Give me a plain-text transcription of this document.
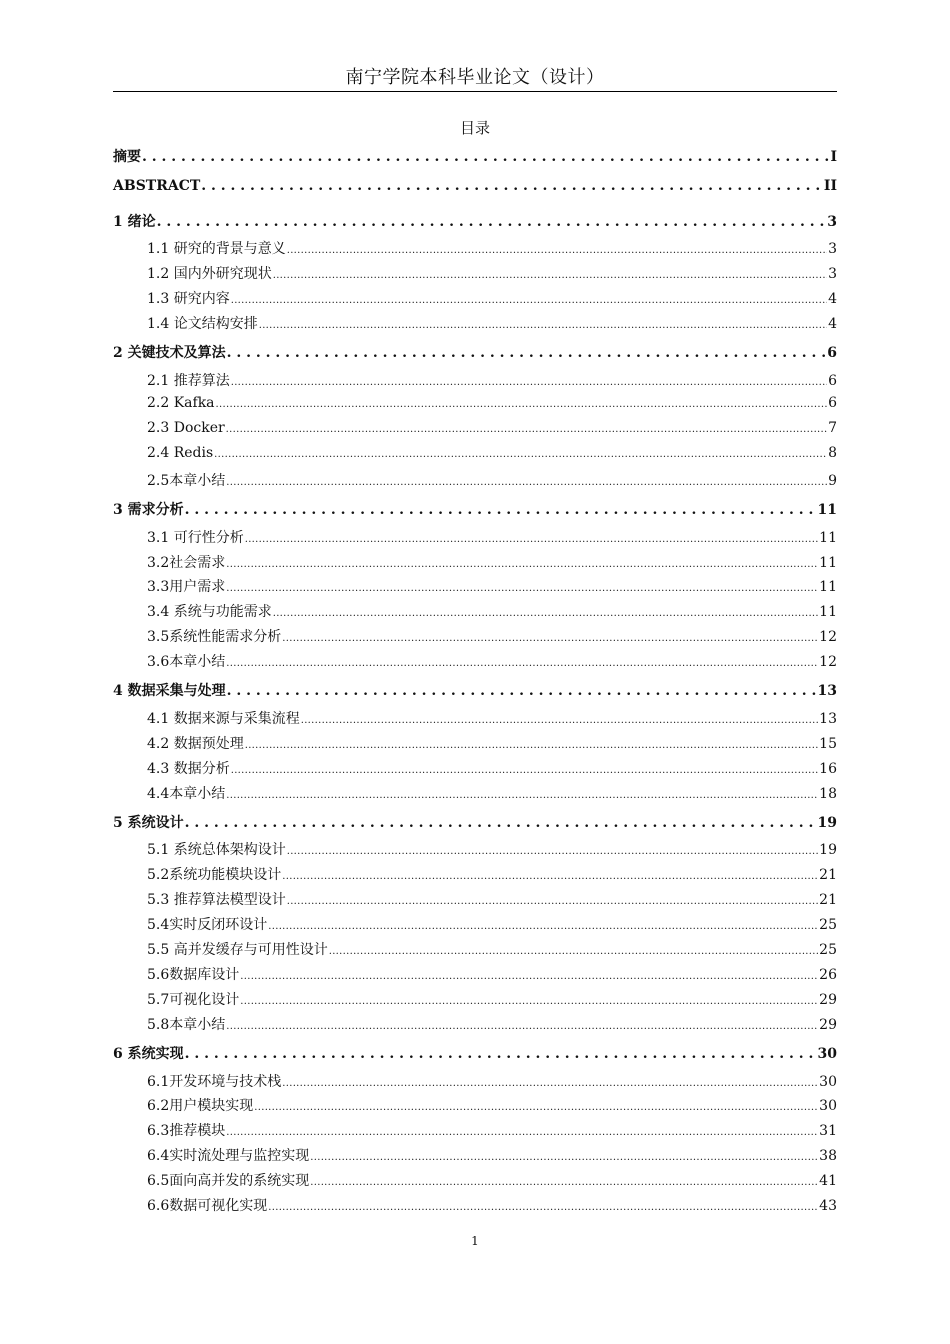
南宁学院本科毕业论文（设计）
目录
摘要 . . .	I
ABSTRACT . . .	II
1 绪论 . . .	3
1.1 研究的背景与意义 .....	3
1.2 国内外研究现状 .....	3
1.3 研究内容 .....	4
1.4 论文结构安排 .....	4
2 关键技术及算法 . . .	6
2.1 推荐算法 .....	6
2.2 Kafka .....	6
2.3 Docker .....	7
2.4 Redis .....	8
2.5本章小结 .....	9
3 需求分析 . . .	11
3.1 可行性分析 .....	11
3.2社会需求 .....	11
3.3用户需求 .....	11
3.4 系统与功能需求 .....	11
3.5系统性能需求分析 .....	12
3.6本章小结 .....	12
4 数据采集与处理 . . .	13
4.1 数据来源与采集流程 .....	13
4.2 数据预处理 .....	15
4.3 数据分析 .....	16
4.4本章小结 .....	18
5 系统设计 . . .	19
5.1 系统总体架构设计 .....	19
5.2系统功能模块设计 .....	21
5.3 推荐算法模型设计 .....	21
5.4实时反闭环设计 .....	25
5.5 高并发缓存与可用性设计 .....	25
5.6数据库设计 .....	26
5.7可视化设计 .....	29
5.8本章小结 .....	29
6 系统实现 . . .	30
6.1开发环境与技术栈 .....	30
6.2用户模块实现 .....	30
6.3推荐模块 .....	31
6.4实时流处理与监控实现 .....	38
6.5面向高并发的系统实现 .....	41
6.6数据可视化实现 .....	43
1
